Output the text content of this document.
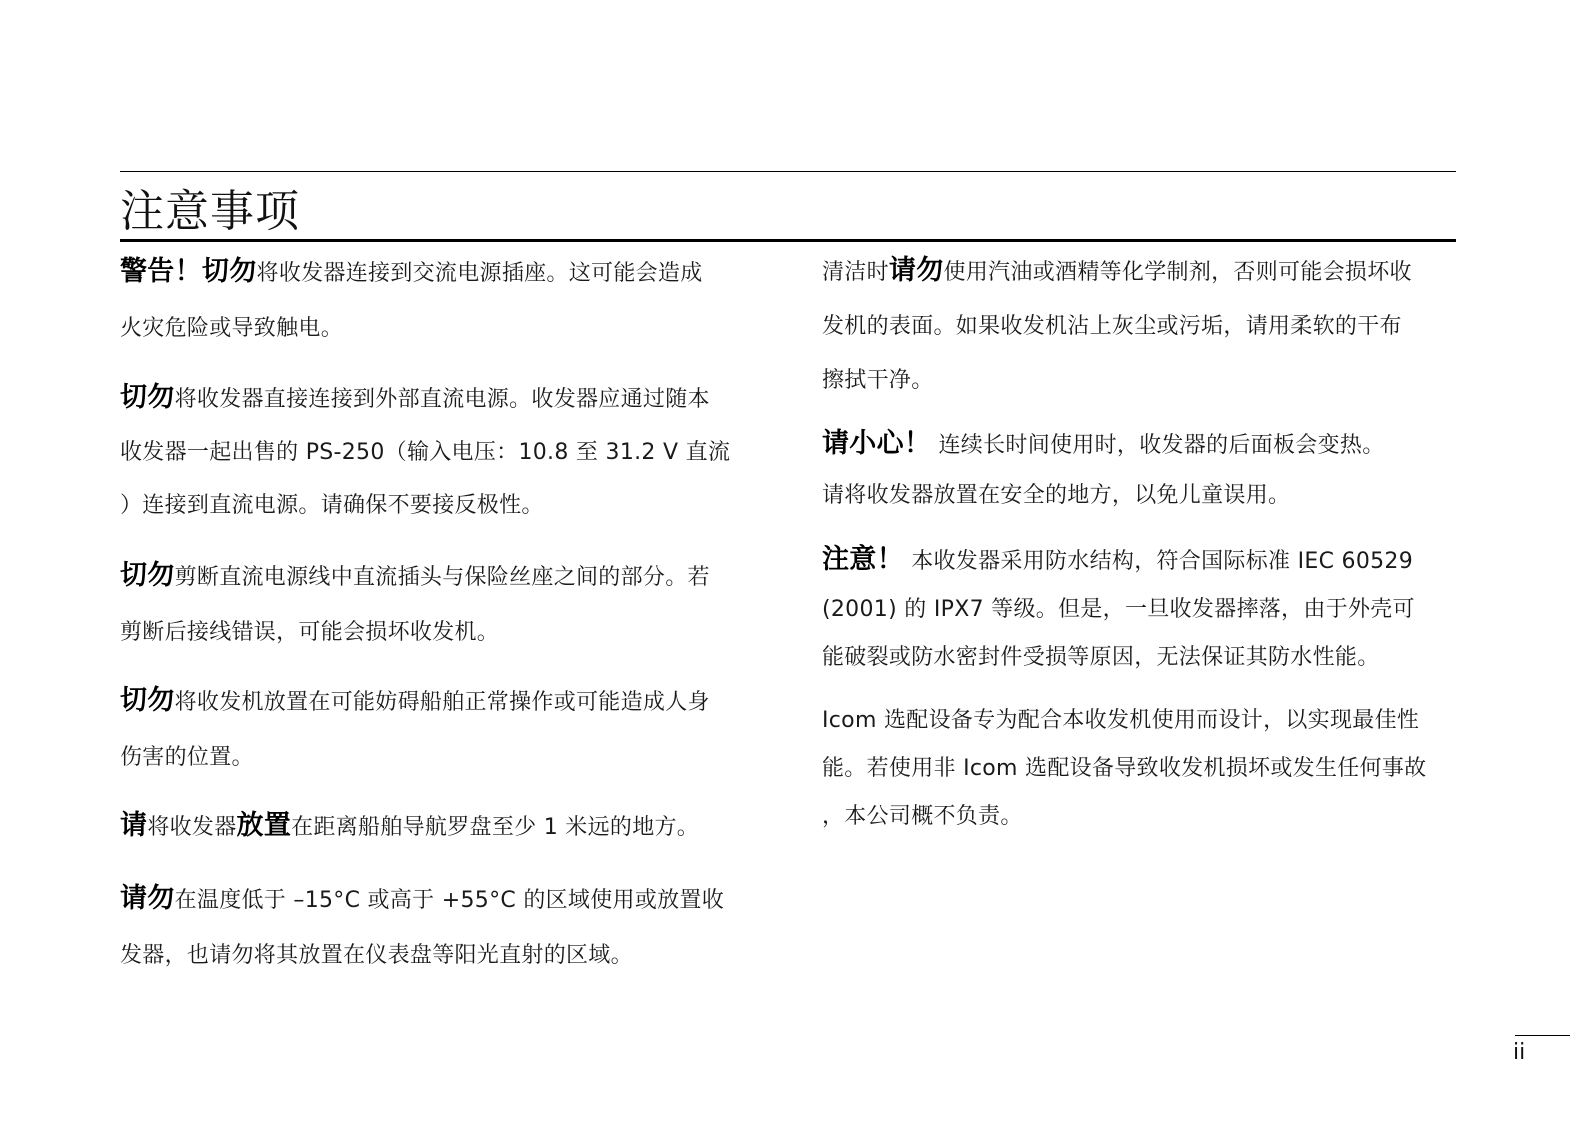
注意事项
警告！切勿将收发器连接到交流电源插座。这可能会造成
火灾危险或导致触电。
切勿将收发器直接连接到外部直流电源。收发器应通过随本
收发器一起出售的 PS-250（输入电压：10.8 至 31.2 V 直流
）连接到直流电源。请确保不要接反极性。
切勿剪断直流电源线中直流插头与保险丝座之间的部分。若
剪断后接线错误，可能会损坏收发机。
切勿将收发机放置在可能妨碍船舶正常操作或可能造成人身
伤害的位置。
请将收发器放置在距离船舶导航罗盘至少 1 米远的地方。
请勿在温度低于 –15°C 或高于 +55°C 的区域使用或放置收
发器，也请勿将其放置在仪表盘等阳光直射的区域。
清洁时请勿使用汽油或酒精等化学制剂，否则可能会损坏收
发机的表面。如果收发机沾上灰尘或污垢，请用柔软的干布
擦拭干净。
请小心！ 连续长时间使用时，收发器的后面板会变热。
请将收发器放置在安全的地方，以免儿童误用。
注意！ 本收发器采用防水结构，符合国际标准 IEC 60529
(2001) 的 IPX7 等级。但是，一旦收发器摔落，由于外壳可
能破裂或防水密封件受损等原因，无法保证其防水性能。
Icom 选配设备专为配合本收发机使用而设计，以实现最佳性
能。若使用非 Icom 选配设备导致收发机损坏或发生任何事故
，本公司概不负责。
ii
